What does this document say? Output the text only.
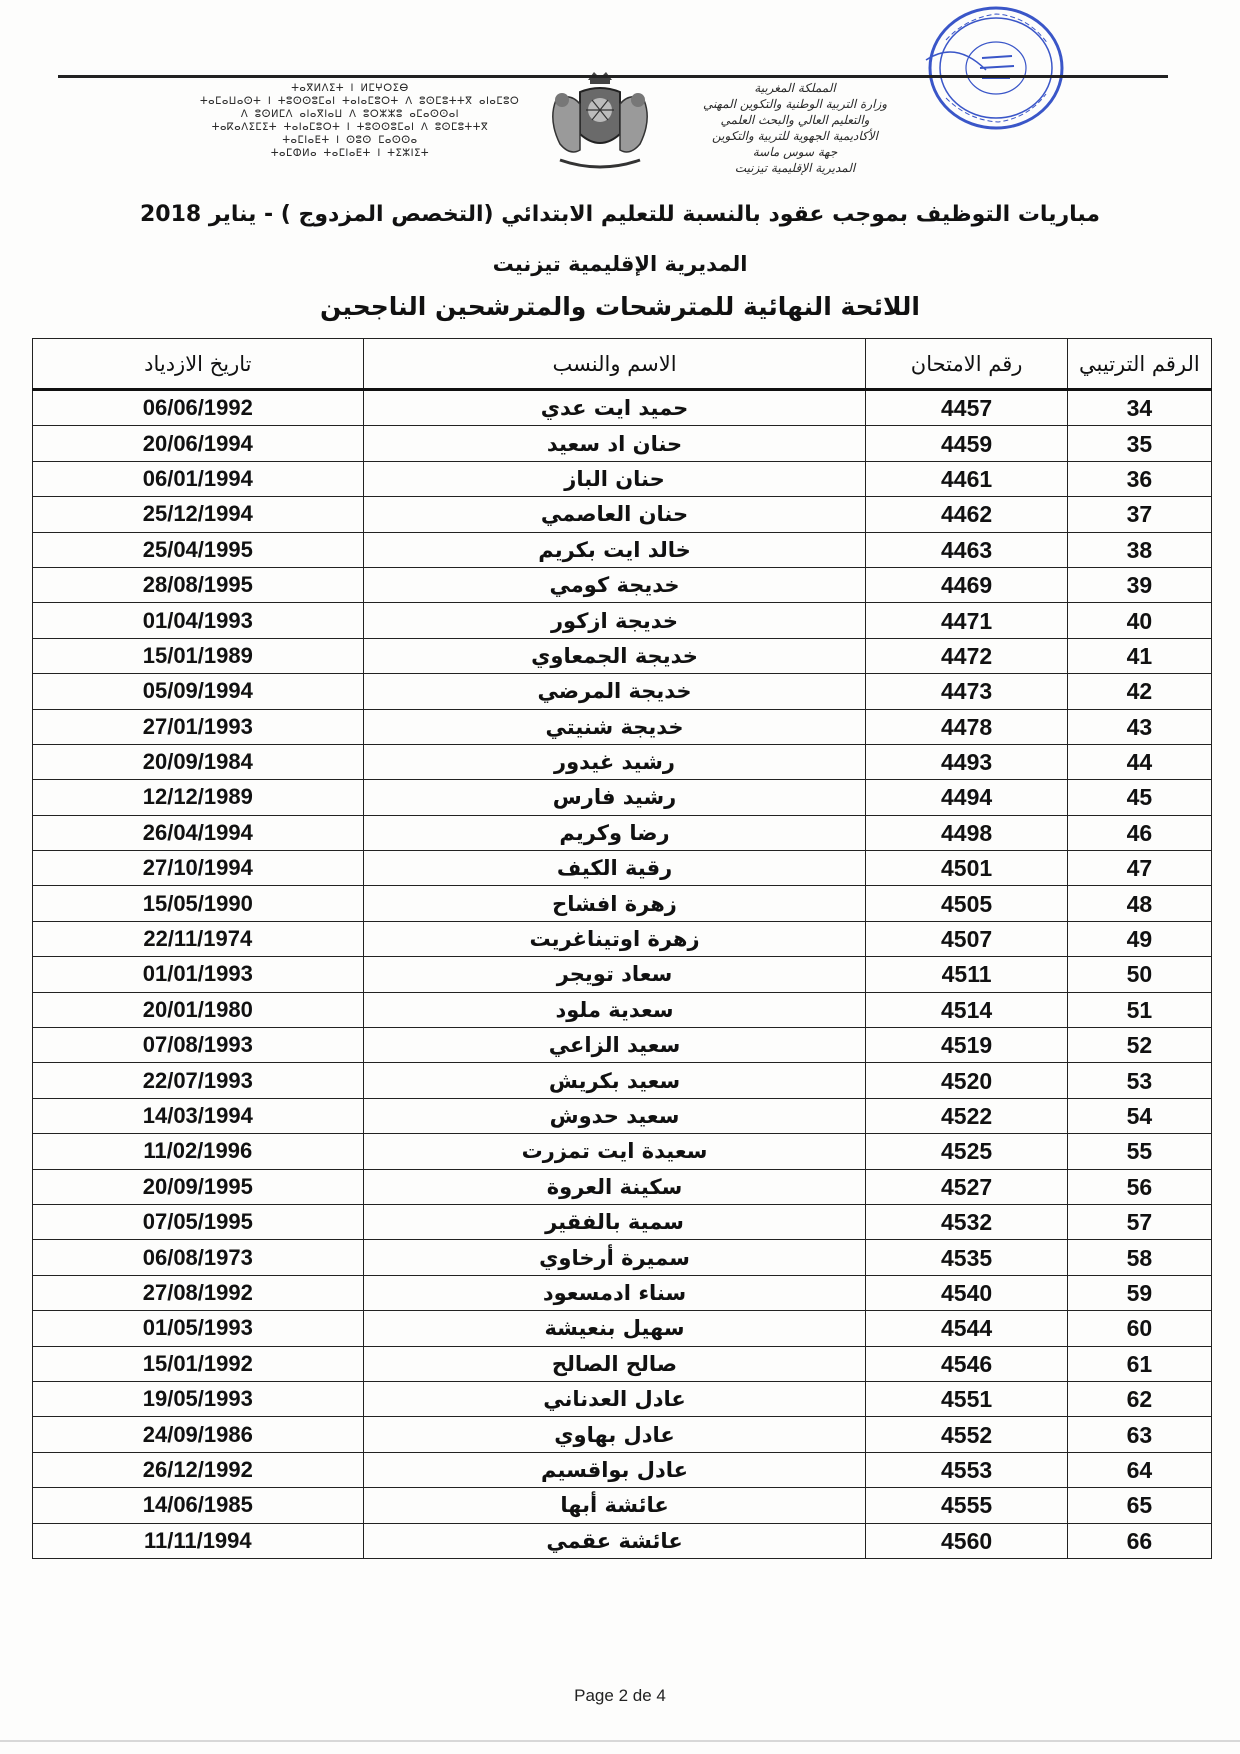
ⵜⴰⴳⵍⴷⵉⵜ ⵏ ⵍⵎⵖⵔⵉⴱ
ⵜⴰⵎⴰⵡⴰⵙⵜ ⵏ ⵜⵓⵙⵙⵓⵎⴰⵏ ⵜⴰⵏⴰⵎⵓⵔⵜ ⴷ ⵓⵙⵎⵓⵜⵜⴳ ⴰⵏⴰⵎⵓⵔ
ⴷ ⵓⵙⵍⵎⴷ ⴰⵏⴰⴳⵏⴰⵡ ⴷ ⵓⵔⵣⵣⵓ ⴰⵎⴰⵙⵙⴰⵏ
ⵜⴰⴽⴰⴷⵉⵎⵉⵜ ⵜⴰⵏⴰⵎⵓⵔⵜ ⵏ ⵜⵓⵙⵙⵓⵎⴰⵏ ⴷ ⵓⵙⵎⵓⵜⵜⴳ
ⵜⴰⵎⵏⴰⴹⵜ ⵏ ⵙⵓⵙ ⵎⴰⵙⵙⴰ
ⵜⴰⵎⵀⵍⴰ ⵜⴰⵎⵏⴰⴹⵜ ⵏ ⵜⵉⵣⵏⵉⵜ
المملكة المغربية
وزارة التربية الوطنية والتكوين المهني
والتعليم العالي والبحث العلمي
الأكاديمية الجهوية للتربية والتكوين
جهة سوس ماسة
المديرية الإقليمية تيزنيت
مباريات التوظيف بموجب عقود بالنسبة للتعليم الابتدائي (التخصص المزدوج ) - يناير 2018
المديرية الإقليمية تيزنيت
اللائحة النهائية للمترشحات والمترشحين الناجحين
الرقم الترتيبي	رقم الامتحان	الاسم والنسب	تاريخ الازدياد
34	4457	حميد ايت عدي	06/06/1992
35	4459	حنان اد سعيد	20/06/1994
36	4461	حنان الباز	06/01/1994
37	4462	حنان العاصمي	25/12/1994
38	4463	خالد ايت بكريم	25/04/1995
39	4469	خديجة كومي	28/08/1995
40	4471	خديجة ازكور	01/04/1993
41	4472	خديجة الجمعاوي	15/01/1989
42	4473	خديجة المرضي	05/09/1994
43	4478	خديجة شنيتي	27/01/1993
44	4493	رشيد غيدور	20/09/1984
45	4494	رشيد فارس	12/12/1989
46	4498	رضا وكريم	26/04/1994
47	4501	رقية الكيف	27/10/1994
48	4505	زهرة افشاح	15/05/1990
49	4507	زهرة اوتيناغريت	22/11/1974
50	4511	سعاد تويجر	01/01/1993
51	4514	سعدية ملود	20/01/1980
52	4519	سعيد الزاعي	07/08/1993
53	4520	سعيد بكريش	22/07/1993
54	4522	سعيد حدوش	14/03/1994
55	4525	سعيدة ايت تمزرت	11/02/1996
56	4527	سكينة العروة	20/09/1995
57	4532	سمية بالفقير	07/05/1995
58	4535	سميرة أرخاوي	06/08/1973
59	4540	سناء ادمسعود	27/08/1992
60	4544	سهيل بنعيشة	01/05/1993
61	4546	صالح الصالح	15/01/1992
62	4551	عادل العدناني	19/05/1993
63	4552	عادل بهاوي	24/09/1986
64	4553	عادل بواقسيم	26/12/1992
65	4555	عائشة أبها	14/06/1985
66	4560	عائشة عقمي	11/11/1994
Page 2 de 4
